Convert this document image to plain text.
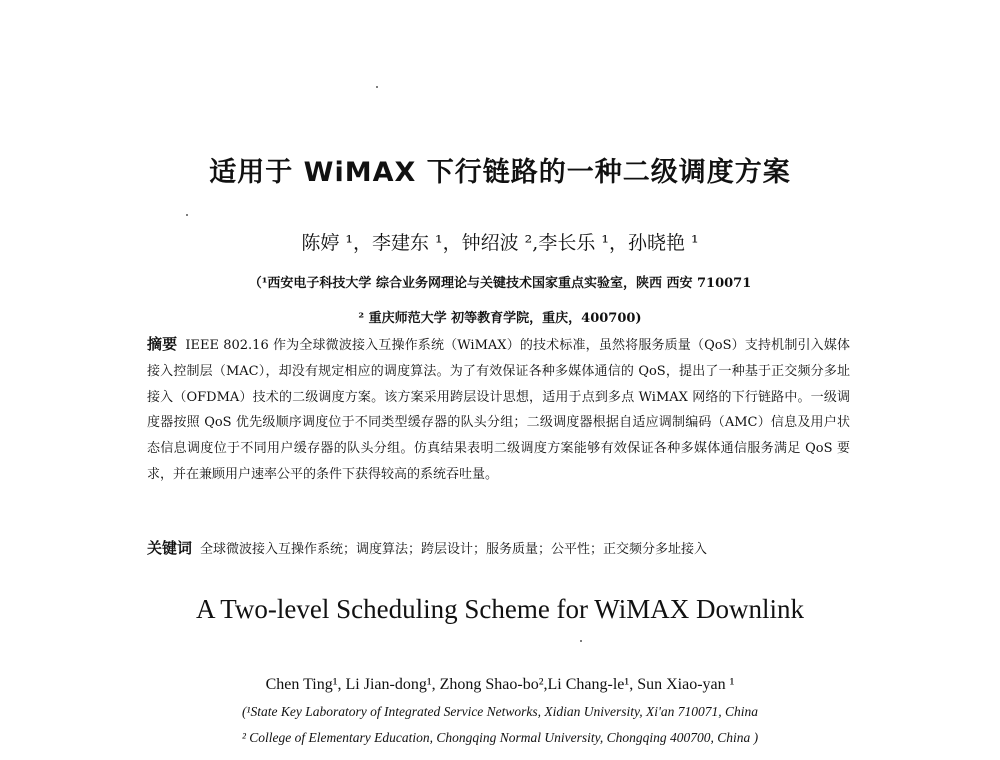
适用于 WiMAX 下行链路的一种二级调度方案
陈婷 ¹，李建东 ¹，钟绍波 ²,李长乐 ¹，孙晓艳 ¹
（¹西安电子科技大学 综合业务网理论与关键技术国家重点实验室，陕西 西安 710071
² 重庆师范大学 初等教育学院，重庆，400700)
摘要 IEEE 802.16 作为全球微波接入互操作系统（WiMAX）的技术标准，虽然将服务质量（QoS）支持机制引入媒体接入控制层（MAC），却没有规定相应的调度算法。为了有效保证各种多媒体通信的 QoS，提出了一种基于正交频分多址接入（OFDMA）技术的二级调度方案。该方案采用跨层设计思想，适用于点到多点 WiMAX 网络的下行链路中。一级调度器按照 QoS 优先级顺序调度位于不同类型缓存器的队头分组；二级调度器根据自适应调制编码（AMC）信息及用户状态信息调度位于不同用户缓存器的队头分组。仿真结果表明二级调度方案能够有效保证各种多媒体通信服务满足 QoS 要求，并在兼顾用户速率公平的条件下获得较高的系统吞吐量。
关键词 全球微波接入互操作系统；调度算法；跨层设计；服务质量；公平性；正交频分多址接入
A Two-level Scheduling Scheme for WiMAX Downlink
Chen Ting¹, Li Jian-dong¹, Zhong Shao-bo²,Li Chang-le¹, Sun Xiao-yan ¹
(¹State Key Laboratory of Integrated Service Networks, Xidian University, Xi'an 710071, China
² College of Elementary Education, Chongqing Normal University, Chongqing 400700, China )
